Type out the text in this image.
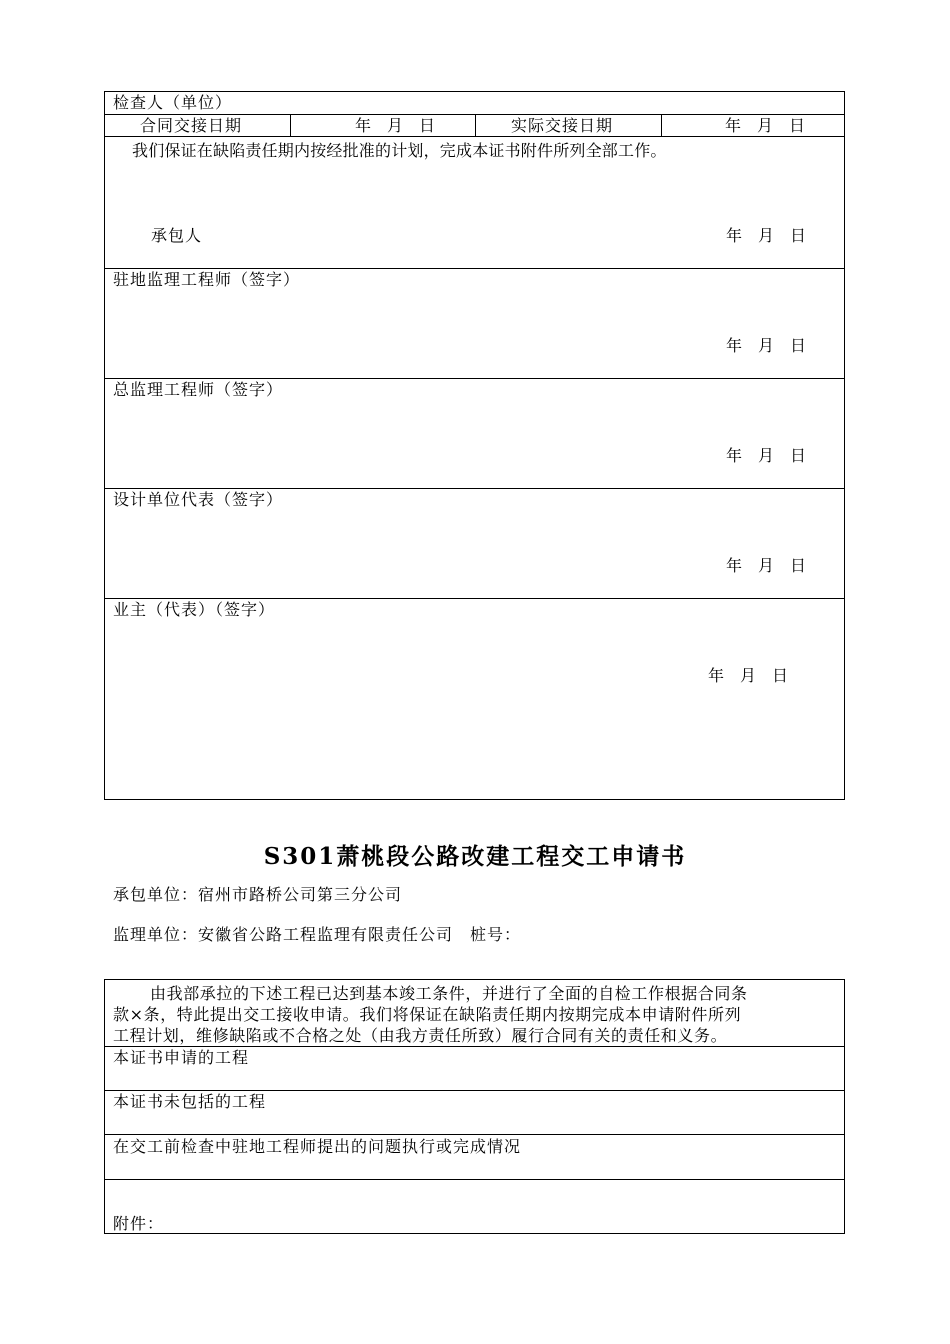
检查人（单位）
合同交接日期	年　月　日	实际交接日期	年　月　日
我们保证在缺陷责任期内按经批准的计划，完成本证书附件所列全部工作。
承包人	年　月　日
驻地监理工程师（签字）
年　月　日
总监理工程师（签字）
年　月　日
设计单位代表（签字）
年　月　日
业主（代表）（签字）
年　月　日
S301萧桃段公路改建工程交工申请书
承包单位：宿州市路桥公司第三分公司
监理单位：安徽省公路工程监理有限责任公司　桩号：
由我部承拉的下述工程已达到基本竣工条件，并进行了全面的自检工作根据合同条
款×条，特此提出交工接收申请。我们将保证在缺陷责任期内按期完成本申请附件所列
工程计划，维修缺陷或不合格之处（由我方责任所致）履行合同有关的责任和义务。
本证书申请的工程
本证书未包括的工程
在交工前检查中驻地工程师提出的问题执行或完成情况
附件：
